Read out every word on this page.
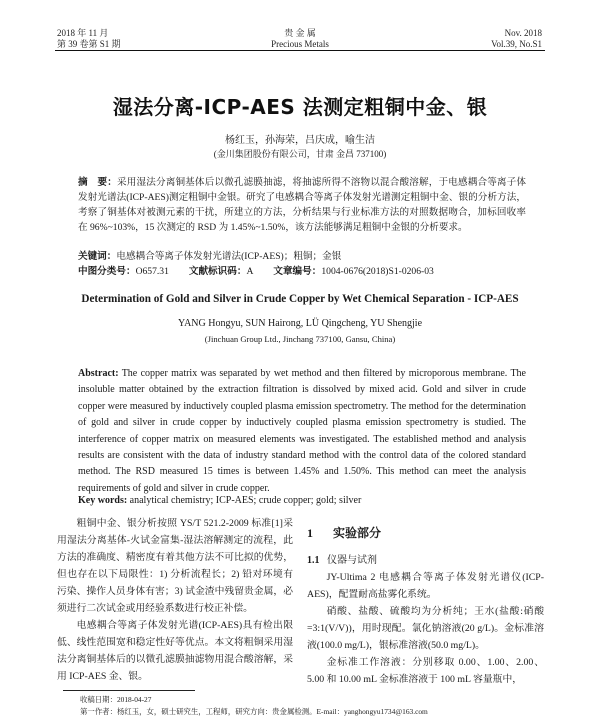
2018 年 11 月
第 39 卷第 S1 期
贵 金 属
Precious Metals
Nov. 2018
Vol.39, No.S1
湿法分离-ICP-AES 法测定粗铜中金、银
杨红玉，孙海荣，吕庆成，喻生洁
(金川集团股份有限公司，甘肃 金昌 737100)
摘　要：采用湿法分离铜基体后以微孔滤膜抽滤，将抽滤所得不溶物以混合酸溶解，于电感耦合等离子体发射光谱法(ICP-AES)测定粗铜中金银。研究了电感耦合等离子体发射光谱测定粗铜中金、银的分析方法，考察了铜基体对被测元素的干扰，所建立的方法，分析结果与行业标准方法的对照数据吻合，加标回收率在 96%~103%，15 次测定的 RSD 为 1.45%~1.50%，该方法能够满足粗铜中金银的分析要求。
关键词：电感耦合等离子体发射光谱法(ICP-AES)；粗铜；金银
中图分类号：O657.31 文献标识码：A 文章编号：1004-0676(2018)S1-0206-03
Determination of Gold and Silver in Crude Copper by Wet Chemical Separation - ICP-AES
YANG Hongyu, SUN Hairong, LÜ Qingcheng, YU Shengjie
(Jinchuan Group Ltd., Jinchang 737100, Gansu, China)
Abstract: The copper matrix was separated by wet method and then filtered by microporous membrane. The insoluble matter obtained by the extraction filtration is dissolved by mixed acid. Gold and silver in crude copper were measured by inductively coupled plasma emission spectrometry. The method for the determination of gold and silver in crude copper by inductively coupled plasma emission spectrometry is studied. The interference of copper matrix on measured elements was investigated. The established method and analysis results are consistent with the data of industry standard method with the control data of the colored standard method. The RSD measured 15 times is between 1.45% and 1.50%. This method can meet the analysis requirements of gold and silver in crude copper.
Key words: analytical chemistry; ICP-AES; crude copper; gold; silver

粗铜中金、银分析按照 YS/T 521.2-2009 标准[1]采用湿法分离基体-火试金富集-湿法溶解测定的流程，此方法的准确度、精密度有着其他方法不可比拟的优势，但也存在以下局限性：1) 分析流程长；2) 铅对环境有污染、操作人员身体有害；3) 试金渣中残留贵金属，必须进行二次试金或用经验系数进行校正补偿。

电感耦合等离子体发射光谱(ICP-AES)具有检出限低、线性范围宽和稳定性好等优点。本文将粗铜采用湿法分离铜基体后的以微孔滤膜抽滤物用混合酸溶解，采用 ICP-AES 金、银。

1 实验部分
1.1 仪器与试剂

JY-Ultima 2 电感耦合等离子体发射光谱仪(ICP-AES)，配置耐高盐雾化系统。

硝酸、盐酸、硫酸均为分析纯；王水(盐酸:硝酸=3:1(V/V))，用时现配。氯化钠溶液(20 g/L)。金标准溶液(100.0 mg/L)，银标准溶液(50.0 mg/L)。

金标准工作溶液：分别移取 0.00、1.00、2.00、5.00 和 10.00 mL 金标准溶液于 100 mL 容量瓶中，

收稿日期：2018-04-27
第一作者：杨红玉，女，硕士研究生，工程师，研究方向：贵金属检测。E-mail：yanghongyu1734@163.com
